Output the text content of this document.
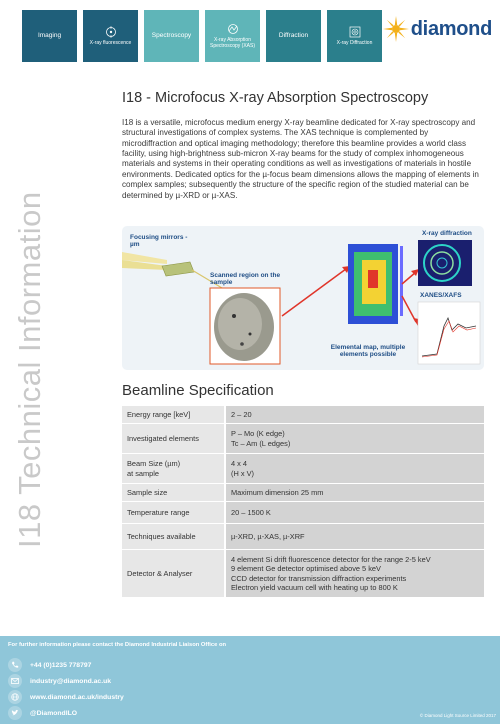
Imaging
X-ray fluorescence
Spectroscopy
X-ray Absorption Spectroscopy (XAS)
Diffraction
X-ray Diffraction
diamond
I18 Technical Information
I18 - Microfocus X-ray Absorption Spectroscopy

I18 is a versatile, microfocus medium energy X-ray beamline dedicated for X-ray spectroscopy and structural investigations of complex systems. The XAS technique is complemented by microdiffraction and optical imaging methodology; therefore this beamline provides a world class facility, using high-brightness sub-micron X-ray beams for the study of complex inhomogeneous materials and systems in their operating conditions as well as investigations of materials in hostile environments. Dedicated optics for the µ-focus beam dimensions allows the mapping of elements in complex samples; subsequently the structure of the specific region of the studied material can be determined by µ-XRD or µ-XAS.

Focusing mirrors - µm
Scanned region on the sample
Elemental map, multiple elements possible
X-ray diffraction
XANES/XAFS
Beamline Specification
Energy range [keV]	2 – 20
Investigated elements	P – Mo (K edge)
Tc – Am (L edges)
Beam Size (µm)
at sample	4 x 4
(H x V)
Sample size	Maximum dimension 25 mm
Temperature range	20 – 1500 K
Techniques available	µ-XRD, µ-XAS, µ-XRF
Detector & Analyser	4 element Si drift fluorescence detector for the range 2-5 keV
9 element Ge detector optimised above 5 keV
CCD detector for transmission diffraction experiments
Electron yield vacuum cell with heating up to 800 K
For further information please contact the Diamond Industrial Liaison Office on
+44 (0)1235 778797
industry@diamond.ac.uk
www.diamond.ac.uk/industry
@DiamondILO	© Diamond Light Source Limited 2017
